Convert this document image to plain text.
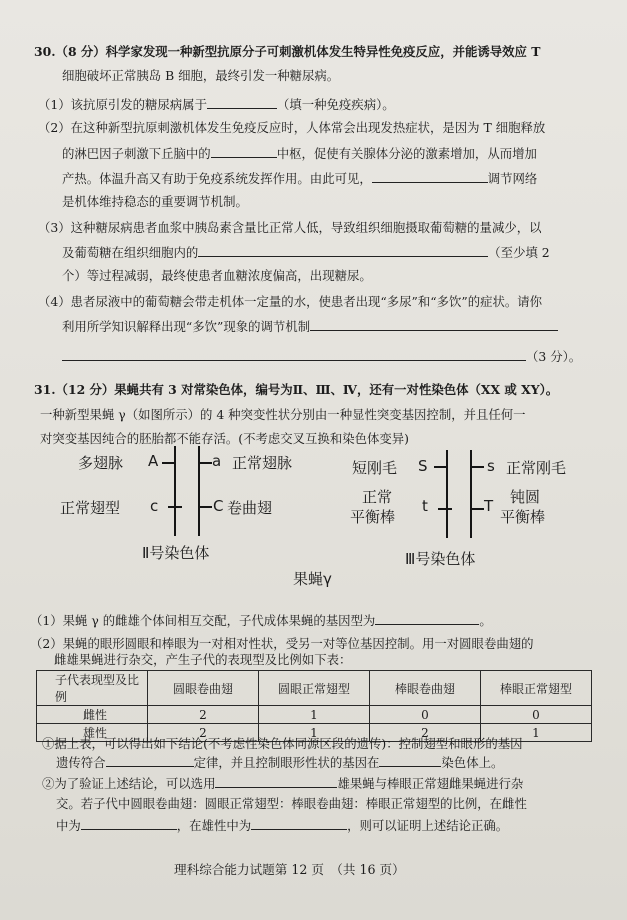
30.（8 分）科学家发现一种新型抗原分子可刺激机体发生特异性免疫反应，并能诱导效应 T
细胞破坏正常胰岛 B 细胞，最终引发一种糖尿病。
（1）该抗原引发的糖尿病属于	（填一种免疫疾病）。
（2）在这种新型抗原刺激机体发生免疫反应时，人体常会出现发热症状，是因为 T 细胞释放
的淋巴因子刺激下丘脑中的	中枢，促使有关腺体分泌的激素增加，从而增加
产热。体温升高又有助于免疫系统发挥作用。由此可见，	调节网络
是机体维持稳态的重要调节机制。
（3）这种糖尿病患者血浆中胰岛素含量比正常人低，导致组织细胞摄取葡萄糖的量减少，以
及葡萄糖在组织细胞内的	（至少填 2
个）等过程减弱，最终使患者血糖浓度偏高，出现糖尿。
（4）患者尿液中的葡萄糖会带走机体一定量的水，使患者出现“多尿”和“多饮”的症状。请你
利用所学知识解释出现“多饮”现象的调节机制
（3 分）。
31.（12 分）果蝇共有 3 对常染色体，编号为Ⅱ、Ⅲ、Ⅳ，还有一对性染色体（XX 或 XY）。
一种新型果蝇 γ（如图所示）的 4 种突变性状分别由一种显性突变基因控制，并且任何一
对突变基因纯合的胚胎都不能存活。(不考虑交叉互换和染色体变异)
多翅脉 A	a 正常翅脉
正常翅型 c	C 卷曲翅
Ⅱ号染色体
短刚毛 S	s 正常刚毛
正常
平衡棒
t	T 钝圆
平衡棒
Ⅲ号染色体
果蝇γ
（1）果蝇 γ 的雌雄个体间相互交配，子代成体果蝇的基因型为	。
（2）果蝇的眼形圆眼和棒眼为一对相对性状，受另一对等位基因控制。用一对圆眼卷曲翅的
雌雄果蝇进行杂交，产生子代的表现型及比例如下表：
子代表现型及比例	圆眼卷曲翅	圆眼正常翅型	棒眼卷曲翅	棒眼正常翅型
雌性	2	1	0	0
雄性	2	1	2	1
①据上表，可以得出如下结论(不考虑性染色体同源区段的遗传)：控制翅型和眼形的基因
遗传符合	定律，并且控制眼形性状的基因在	染色体上。
②为了验证上述结论，可以选用	雄果蝇与棒眼正常翅雌果蝇进行杂
交。若子代中圆眼卷曲翅：圆眼正常翅型：棒眼卷曲翅：棒眼正常翅型的比例，在雌性
中为	，在雄性中为	，则可以证明上述结论正确。
理科综合能力试题第 12 页　（共 16 页）
